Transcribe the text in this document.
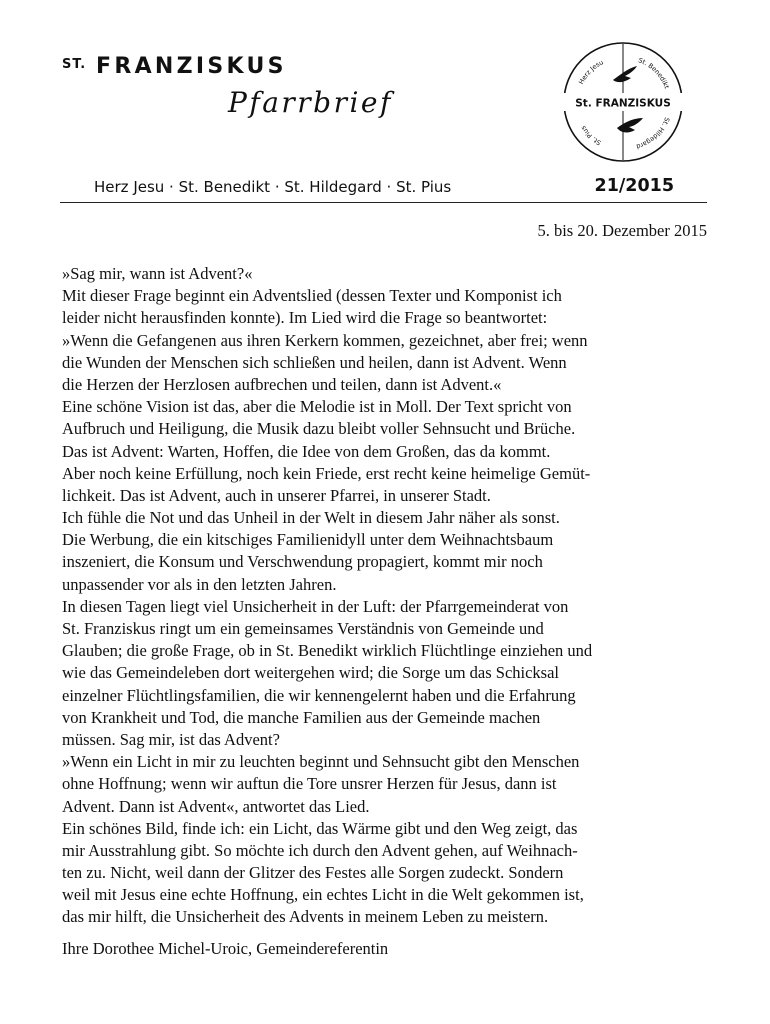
ST. FRANZISKUS
Pfarrbrief	St. FRANZISKUS
Herz Jesu	St. Benedikt
St. Pius
St. Hildegard
Herz Jesu · St. Benedikt · St. Hildegard · St. Pius	21/2015
5. bis 20. Dezember 2015
»Sag mir, wann ist Advent?«
Mit dieser Frage beginnt ein Adventslied (dessen Texter und Komponist ich
leider nicht herausfinden konnte). Im Lied wird die Frage so beantwortet:
»Wenn die Gefangenen aus ihren Kerkern kommen, gezeichnet, aber frei; wenn
die Wunden der Menschen sich schließen und heilen, dann ist Advent. Wenn
die Herzen der Herzlosen aufbrechen und teilen, dann ist Advent.«
Eine schöne Vision ist das, aber die Melodie ist in Moll. Der Text spricht von
Aufbruch und Heiligung, die Musik dazu bleibt voller Sehnsucht und Brüche.
Das ist Advent: Warten, Hoffen, die Idee von dem Großen, das da kommt.
Aber noch keine Erfüllung, noch kein Friede, erst recht keine heimelige Gemüt-
lichkeit. Das ist Advent, auch in unserer Pfarrei, in unserer Stadt.
Ich fühle die Not und das Unheil in der Welt in diesem Jahr näher als sonst.
Die Werbung, die ein kitschiges Familienidyll unter dem Weihnachtsbaum
inszeniert, die Konsum und Verschwendung propagiert, kommt mir noch
unpassender vor als in den letzten Jahren.
In diesen Tagen liegt viel Unsicherheit in der Luft: der Pfarrgemeinderat von
St. Franziskus ringt um ein gemeinsames Verständnis von Gemeinde und
Glauben; die große Frage, ob in St. Benedikt wirklich Flüchtlinge einziehen und
wie das Gemeindeleben dort weitergehen wird; die Sorge um das Schicksal
einzelner Flüchtlingsfamilien, die wir kennengelernt haben und die Erfahrung
von Krankheit und Tod, die manche Familien aus der Gemeinde machen
müssen. Sag mir, ist das Advent?
»Wenn ein Licht in mir zu leuchten beginnt und Sehnsucht gibt den Menschen
ohne Hoffnung; wenn wir auftun die Tore unsrer Herzen für Jesus, dann ist
Advent. Dann ist Advent«, antwortet das Lied.
Ein schönes Bild, finde ich: ein Licht, das Wärme gibt und den Weg zeigt, das
mir Ausstrahlung gibt. So möchte ich durch den Advent gehen, auf Weihnach-
ten zu. Nicht, weil dann der Glitzer des Festes alle Sorgen zudeckt. Sondern
weil mit Jesus eine echte Hoffnung, ein echtes Licht in die Welt gekommen ist,
das mir hilft, die Unsicherheit des Advents in meinem Leben zu meistern.
Ihre Dorothee Michel-Uroic, Gemeindereferentin
